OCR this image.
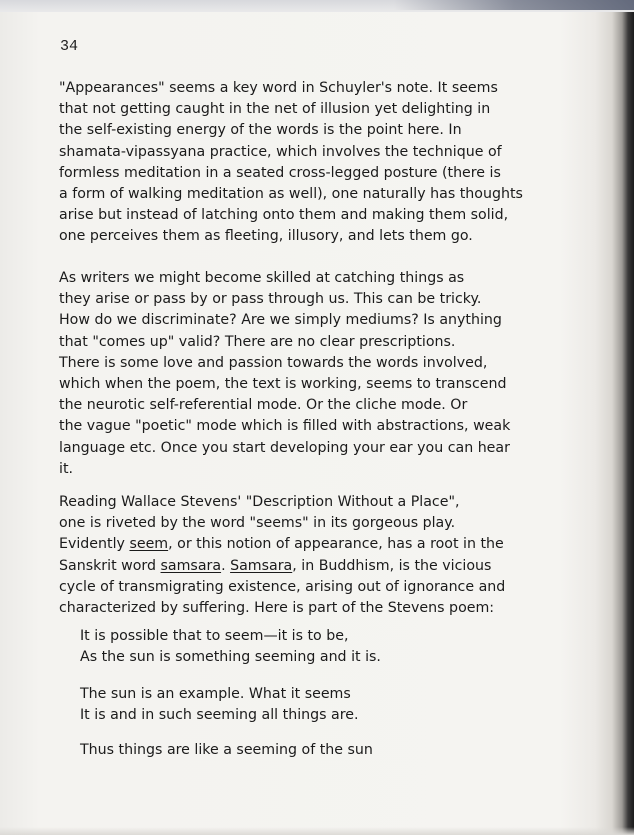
34
"Appearances" seems a key word in Schuyler's note. It seems
that not getting caught in the net of illusion yet delighting in
the self-existing energy of the words is the point here. In
shamata-vipassyana practice, which involves the technique of
formless meditation in a seated cross-legged posture (there is
a form of walking meditation as well), one naturally has thoughts
arise but instead of latching onto them and making them solid,
one perceives them as fleeting, illusory, and lets them go.
As writers we might become skilled at catching things as
they arise or pass by or pass through us. This can be tricky.
How do we discriminate? Are we simply mediums? Is anything
that "comes up" valid? There are no clear prescriptions.
There is some love and passion towards the words involved,
which when the poem, the text is working, seems to transcend
the neurotic self-referential mode. Or the cliche mode. Or
the vague "poetic" mode which is filled with abstractions, weak
language etc. Once you start developing your ear you can hear
it.
Reading Wallace Stevens' "Description Without a Place",
one is riveted by the word "seems" in its gorgeous play.
Evidently seem, or this notion of appearance, has a root in the
Sanskrit word samsara. Samsara, in Buddhism, is the vicious
cycle of transmigrating existence, arising out of ignorance and
characterized by suffering. Here is part of the Stevens poem:
It is possible that to seem—it is to be,
As the sun is something seeming and it is.
The sun is an example. What it seems
It is and in such seeming all things are.
Thus things are like a seeming of the sun
